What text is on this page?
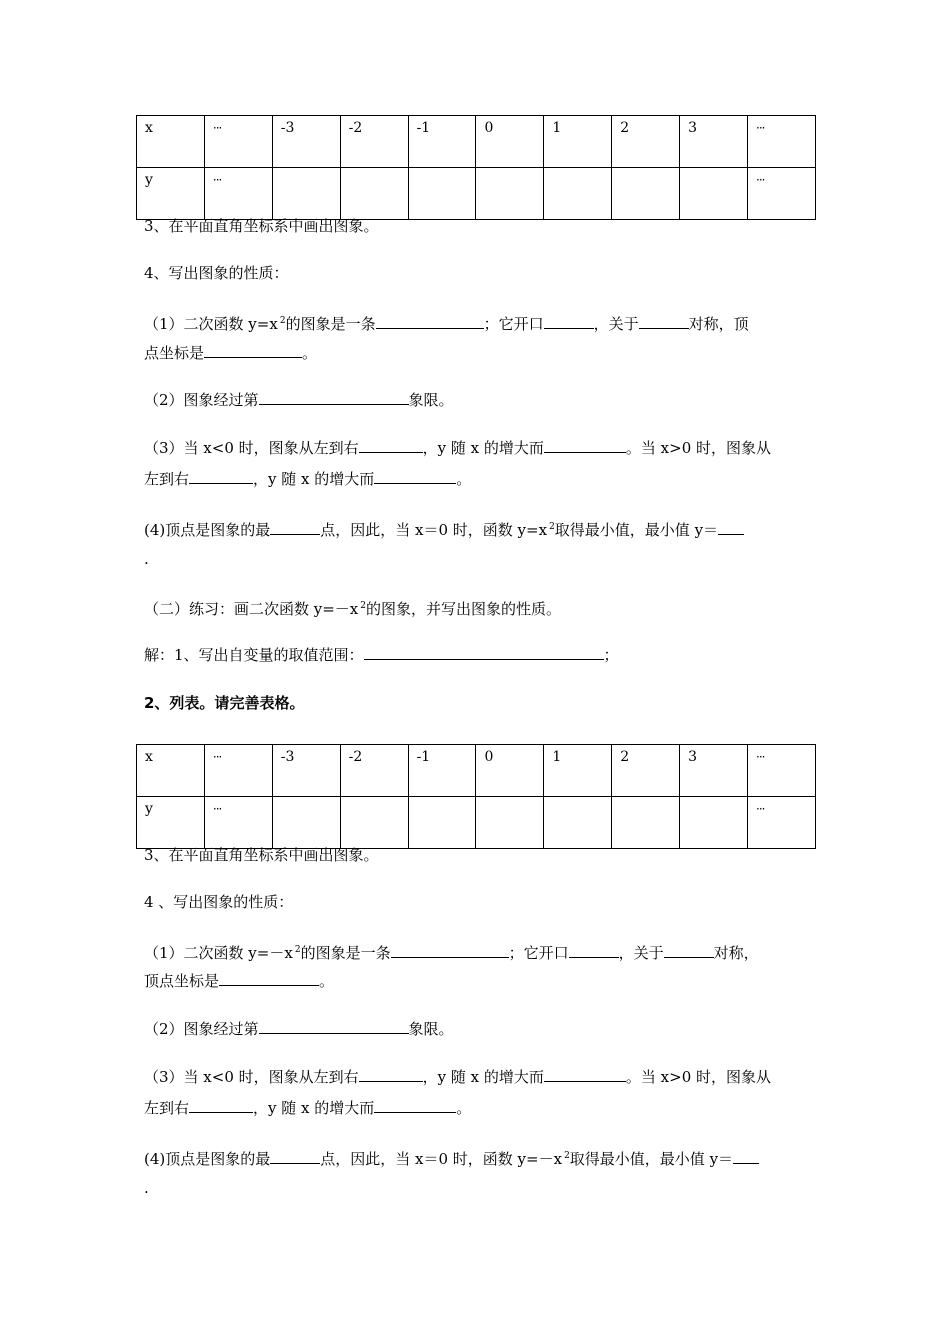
x	···	-3	-2	-1	0	1	2	3	···
y	···								···
3、在平面直角坐标系中画出图象。
4、写出图象的性质：
（1）二次函数 y=x $^2$的图象是一条	；它开口	，关于	对称，顶
点坐标是	。
（2）图象经过第	象限。
（3）当 x<0 时，图象从左到右	，y 随 x 的增大而	。当 x>0 时，图象从
左到右	，y 随 x 的增大而	。
(4)顶点是图象的最	点，因此，当 x＝0 时，函数 y=x $^2$取得最小值，最小值 y＝
.
（二）练习：画二次函数 y=－x $^2$的图象，并写出图象的性质。
解：1、写出自变量的取值范围：	；
2、列表。请完善表格。
x	···	-3	-2	-1	0	1	2	3	···
y	···								···
3、在平面直角坐标系中画出图象。
4 、写出图象的性质：
（1）二次函数 y=－x $^2$的图象是一条	；它开口	，关于	对称，
顶点坐标是	。
（2）图象经过第	象限。
（3）当 x<0 时，图象从左到右	，y 随 x 的增大而	。当 x>0 时，图象从
左到右	，y 随 x 的增大而	。
(4)顶点是图象的最	点，因此，当 x＝0 时，函数 y=－x $^2$取得最小值，最小值 y＝
.
